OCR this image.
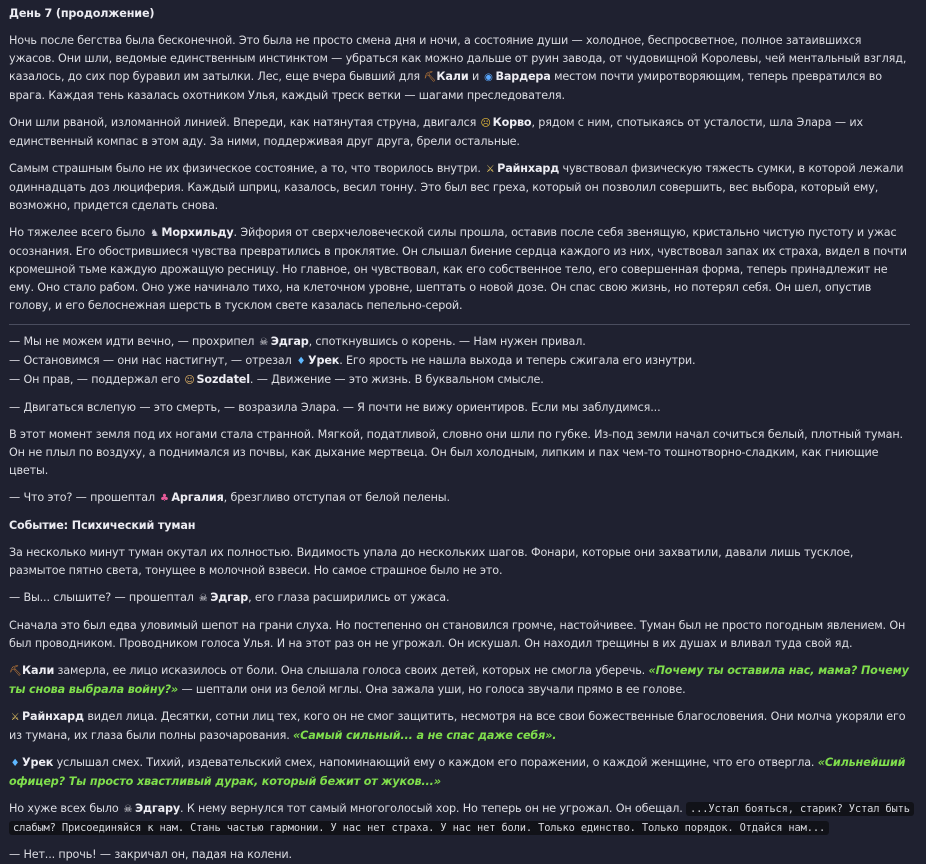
День 7 (продолжение)
Ночь после бегства была бесконечной. Это была не просто смена дня и ночи, а состояние души — холодное, беспросветное, полное затаившихся ужасов. Они шли, ведомые единственным инстинктом — убраться как можно дальше от руин завода, от чудовищной Королевы, чей ментальный взгляд, казалось, до сих пор буравил им затылки. Лес, еще вчера бывший для ⛏Кали и ◉ Вардера местом почти умиротворяющим, теперь превратился во врага. Каждая тень казалась охотником Улья, каждый треск ветки — шагами преследователя.
Они шли рваной, изломанной линией. Впереди, как натянутая струна, двигался ☹ Корво, рядом с ним, спотыкаясь от усталости, шла Элара — их единственный компас в этом аду. За ними, поддерживая друг друга, брели остальные.
Самым страшным было не их физическое состояние, а то, что творилось внутри. ⚔ Райнхард чувствовал физическую тяжесть сумки, в которой лежали одиннадцать доз люциферия. Каждый шприц, казалось, весил тонну. Это был вес греха, который он позволил совершить, вес выбора, который ему, возможно, придется сделать снова.
Но тяжелее всего было ♞ Морхильду. Эйфория от сверхчеловеческой силы прошла, оставив после себя звенящую, кристально чистую пустоту и ужас осознания. Его обострившиеся чувства превратились в проклятие. Он слышал биение сердца каждого из них, чувствовал запах их страха, видел в почти кромешной тьме каждую дрожащую ресницу. Но главное, он чувствовал, как его собственное тело, его совершенная форма, теперь принадлежит не ему. Оно стало рабом. Оно уже начинало тихо, на клеточном уровне, шептать о новой дозе. Он спас свою жизнь, но потерял себя. Он шел, опустив голову, и его белоснежная шерсть в тусклом свете казалась пепельно-серой.
— Мы не можем идти вечно, — прохрипел ☠ Эдгар, споткнувшись о корень. — Нам нужен привал.
— Остановимся — они нас настигнут, — отрезал ♦ Урек. Его ярость не нашла выхода и теперь сжигала его изнутри.
— Он прав, — поддержал его ☺ Sozdatel. — Движение — это жизнь. В буквальном смысле.
— Двигаться вслепую — это смерть, — возразила Элара. — Я почти не вижу ориентиров. Если мы заблудимся...
В этот момент земля под их ногами стала странной. Мягкой, податливой, словно они шли по губке. Из-под земли начал сочиться белый, плотный туман. Он не плыл по воздуху, а поднимался из почвы, как дыхание мертвеца. Он был холодным, липким и пах чем-то тошнотворно-сладким, как гниющие цветы.
— Что это? — прошептал ♣ Аргалия, брезгливо отступая от белой пелены.
Событие: Психический туман
За несколько минут туман окутал их полностью. Видимость упала до нескольких шагов. Фонари, которые они захватили, давали лишь тусклое, размытое пятно света, тонущее в молочной взвеси. Но самое страшное было не это.
— Вы... слышите? — прошептал ☠ Эдгар, его глаза расширились от ужаса.
Сначала это был едва уловимый шепот на грани слуха. Но постепенно он становился громче, настойчивее. Туман был не просто погодным явлением. Он был проводником. Проводником голоса Улья. И на этот раз он не угрожал. Он искушал. Он находил трещины в их душах и вливал туда свой яд.
⛏Кали замерла, ее лицо исказилось от боли. Она слышала голоса своих детей, которых не смогла уберечь. «Почему ты оставила нас, мама? Почему ты снова выбрала войну?» — шептали они из белой мглы. Она зажала уши, но голоса звучали прямо в ее голове.
⚔ Райнхард видел лица. Десятки, сотни лиц тех, кого он не смог защитить, несмотря на все свои божественные благословения. Они молча укоряли его из тумана, их глаза были полны разочарования. «Самый сильный... а не спас даже себя».
♦ Урек услышал смех. Тихий, издевательский смех, напоминающий ему о каждом его поражении, о каждой женщине, что его отвергла. «Сильнейший офицер? Ты просто хвастливый дурак, который бежит от жуков...»
Но хуже всех было ☠ Эдгару. К нему вернулся тот самый многоголосый хор. Но теперь он не угрожал. Он обещал. ...Устал бояться, старик? Устал быть слабым? Присоединяйся к нам. Стань частью гармонии. У нас нет страха. У нас нет боли. Только единство. Только порядок. Отдайся нам...
— Нет... прочь! — закричал он, падая на колени.
